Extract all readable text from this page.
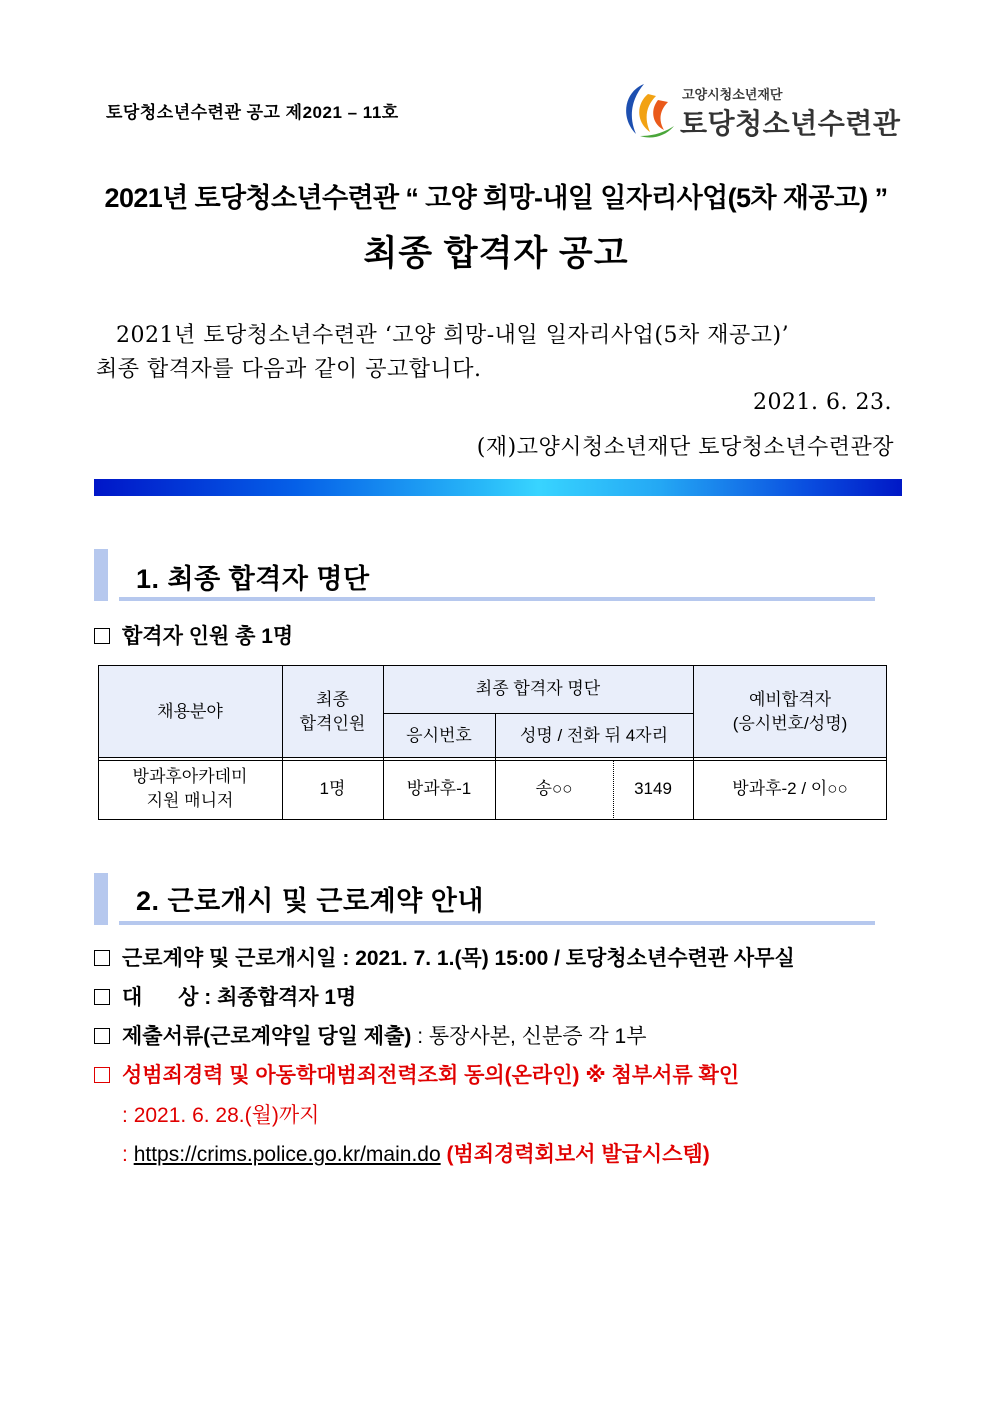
토당청소년수련관 공고 제2021 – 11호
고양시청소년재단
토당청소년수련관
2021년 토당청소년수련관 “ 고양 희망-내일 일자리사업(5차 재공고) ”
최종 합격자 공고
2021년 토당청소년수련관 ‘고양 희망-내일 일자리사업(5차 재공고)’
최종 합격자를 다음과 같이 공고합니다.
2021. 6. 23.
(재)고양시청소년재단 토당청소년수련관장
1. 최종 합격자 명단
합격자 인원 총 1명
채용분야
최종
합격인원
최종 합격자 명단
응시번호	성명 / 전화 뒤 4자리
예비합격자
(응시번호/성명)
방과후아카데미
지원 매니저
1명	방과후-1	송○○	3149	방과후-2 / 이○○
2. 근로개시 및 근로계약 안내
근로계약 및 근로개시일 : 2021. 7. 1.(목) 15:00 / 토당청소년수련관 사무실
대 상 : 최종합격자 1명
제출서류(근로계약일 당일 제출) : 통장사본, 신분증 각 1부
성범죄경력 및 아동학대범죄전력조회 동의(온라인) ※ 첨부서류 확인
: 2021. 6. 28.(월)까지
: https://crims.police.go.kr/main.do (범죄경력회보서 발급시스템)
